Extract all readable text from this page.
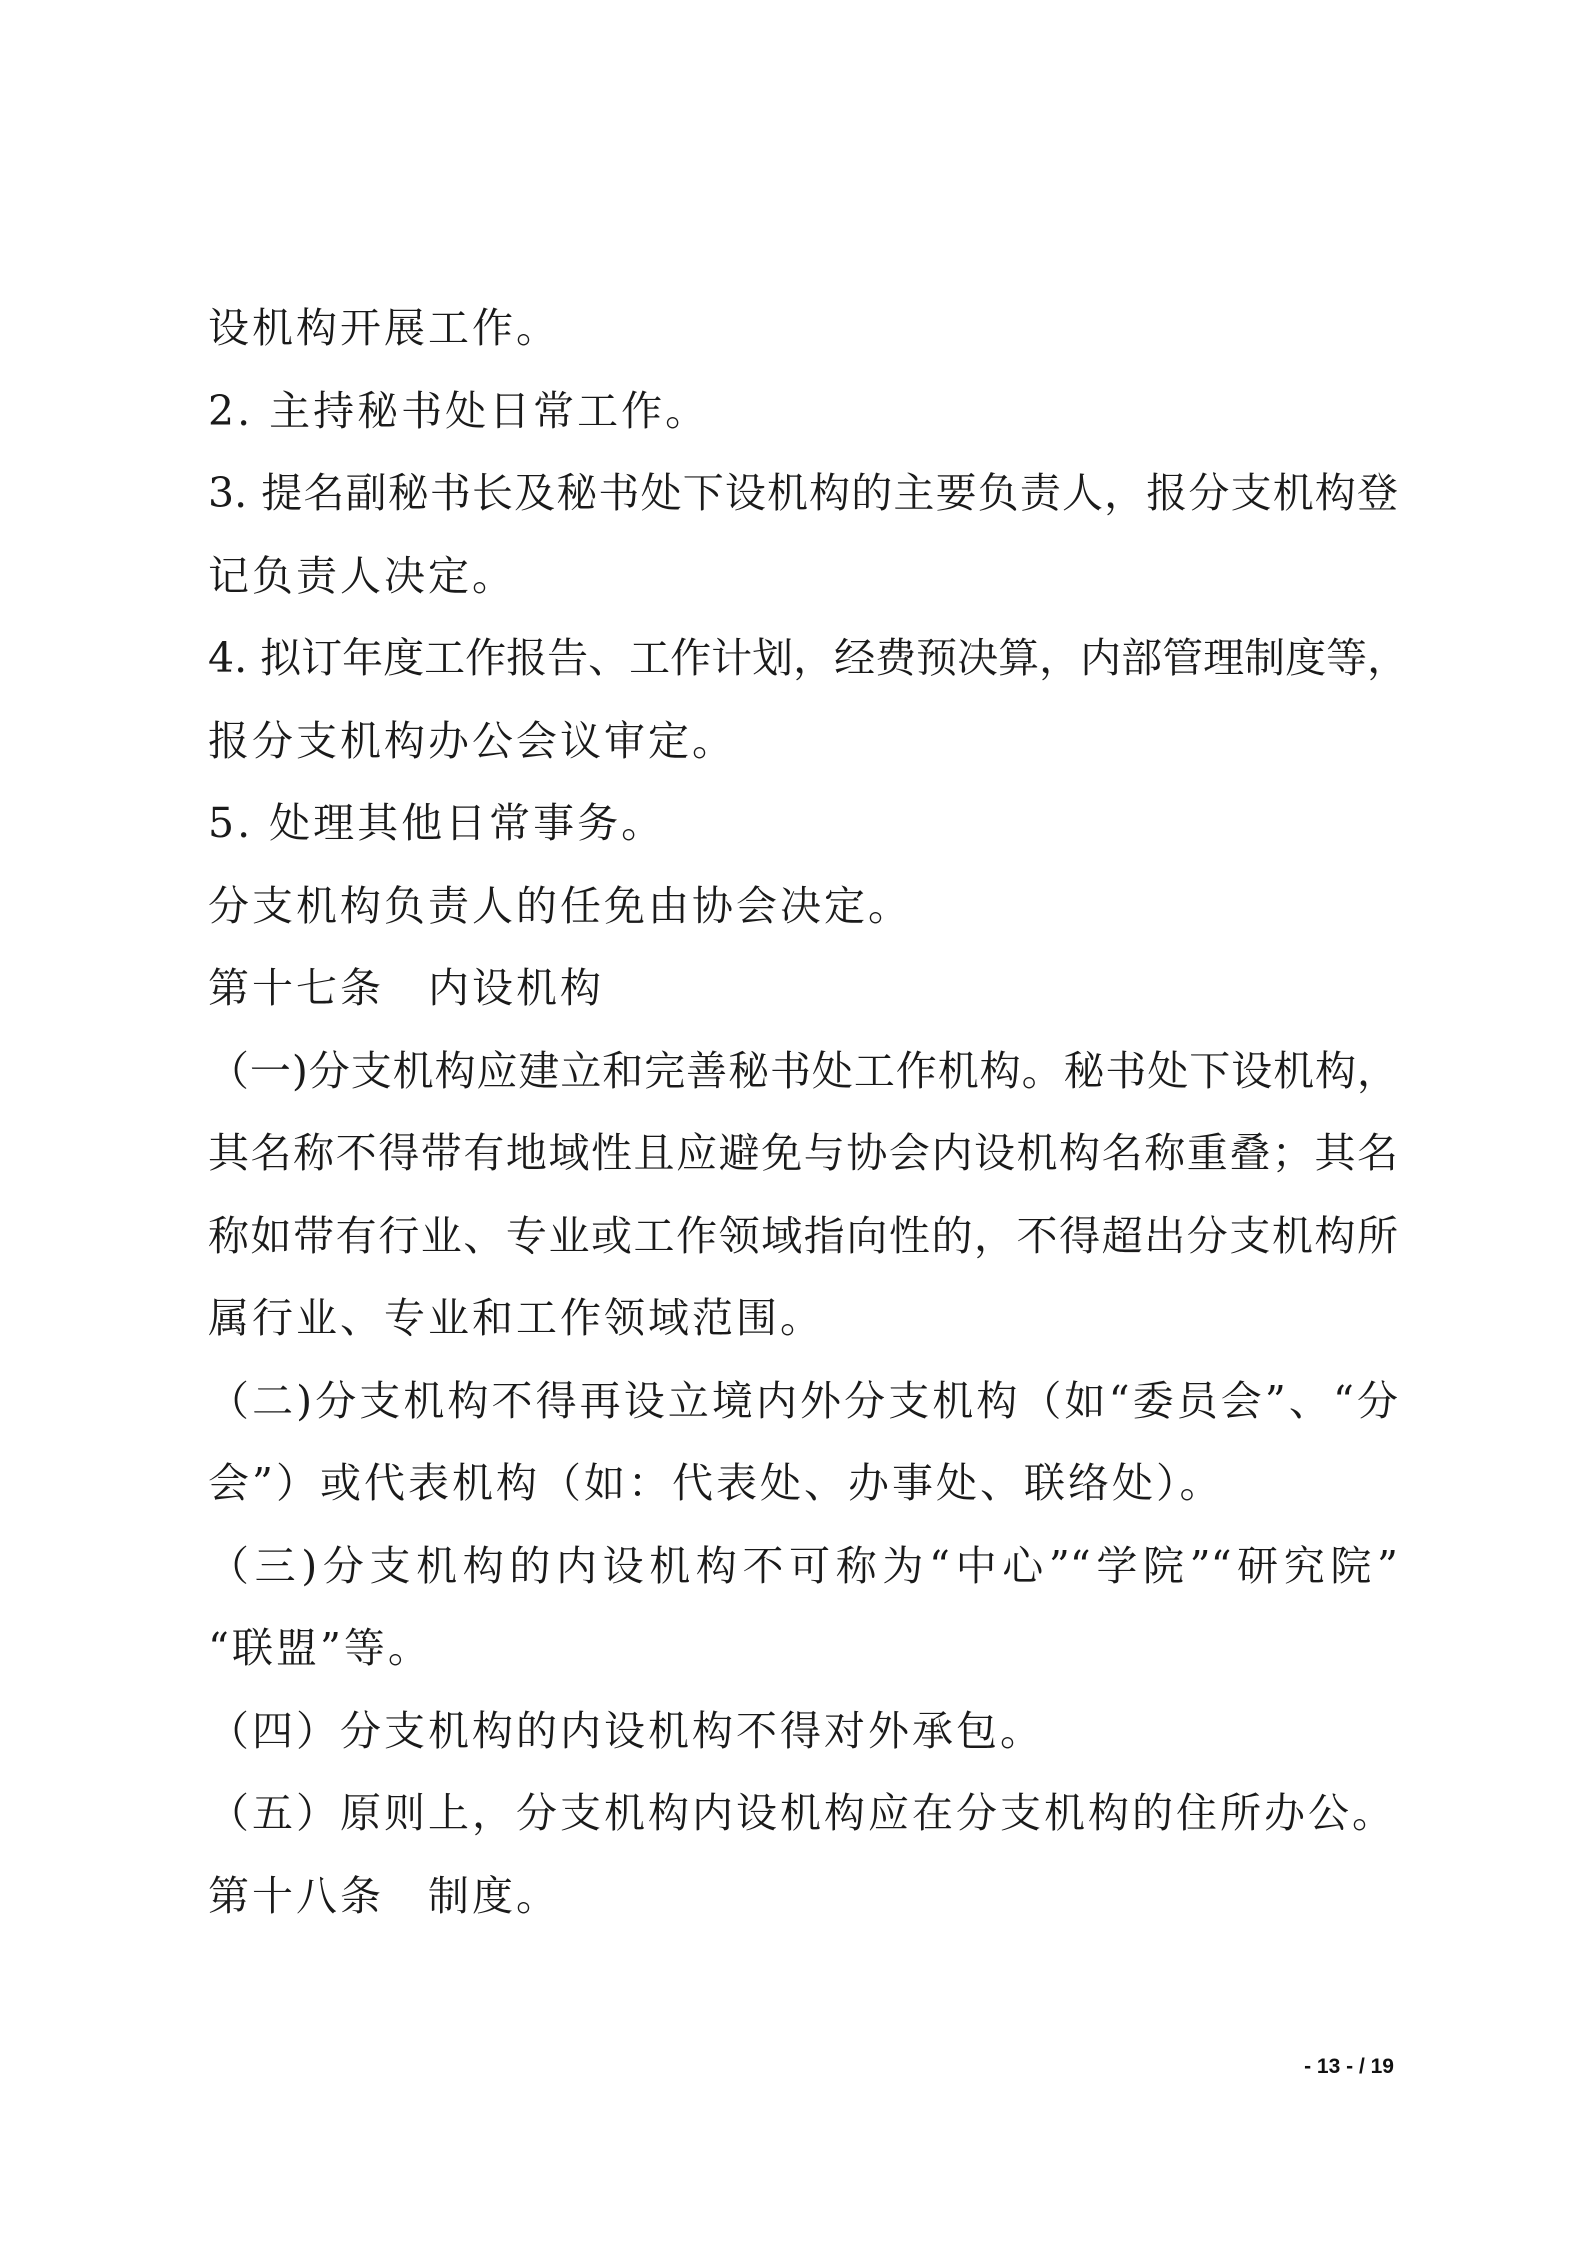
设机构开展工作。
2. 主持秘书处日常工作。
3. 提名副秘书长及秘书处下设机构的主要负责人，报分支机构登
记负责人决定。
4. 拟订年度工作报告、工作计划，经费预决算，内部管理制度等，
报分支机构办公会议审定。
5. 处理其他日常事务。
分支机构负责人的任免由协会决定。
第十七条　内设机构
（一)分支机构应建立和完善秘书处工作机构。秘书处下设机构，
其名称不得带有地域性且应避免与协会内设机构名称重叠；其名
称如带有行业、专业或工作领域指向性的，不得超出分支机构所
属行业、专业和工作领域范围。
（二)分支机构不得再设立境内外分支机构（如“委员会”、“分
会”）或代表机构（如：代表处、办事处、联络处）。
（三)分支机构的内设机构不可称为“中心”“学院”“研究院”
“联盟”等。
（四）分支机构的内设机构不得对外承包。
（五）原则上，分支机构内设机构应在分支机构的住所办公。
第十八条　制度。
- 13 - / 19
